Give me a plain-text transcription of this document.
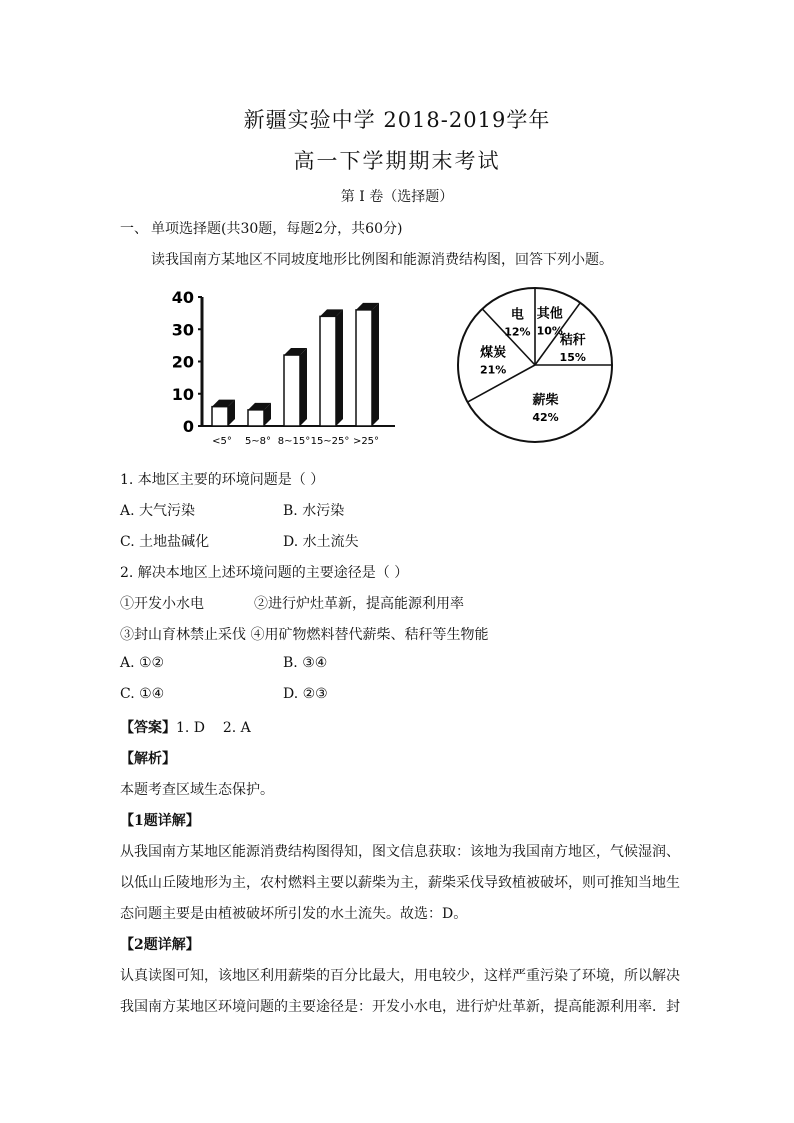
新疆实验中学 2018-2019学年
高一下学期期末考试
第 I 卷（选择题）
一、 单项选择题(共30题，每题2分，共60分)
读我国南方某地区不同坡度地形比例图和能源消费结构图，回答下列小题。
0
10
20
30
40
<5° 5~8° 8~15° 15~25° >25°
其他
10%
秸秆
15%
薪柴
42%
煤炭
21%
电
12%
1. 本地区主要的环境问题是（ ）
A. 大气污染	B. 水污染
C. 土地盐碱化	D. 水土流失
2. 解决本地区上述环境问题的主要途径是（ ）
①开发小水电	②进行炉灶革新，提高能源利用率
③封山育林禁止采伐 ④用矿物燃料替代薪柴、秸秆等生物能
A. ①②	B. ③④
C. ①④	D. ②③
【答案】1. D    2. A
【解析】
本题考查区域生态保护。
【1题详解】
从我国南方某地区能源消费结构图得知，图文信息获取：该地为我国南方地区，气候湿润、
以低山丘陵地形为主，农村燃料主要以薪柴为主，薪柴采伐导致植被破坏，则可推知当地生
态问题主要是由植被破坏所引发的水土流失。故选：D。
【2题详解】
认真读图可知，该地区利用薪柴的百分比最大，用电较少，这样严重污染了环境，所以解决
我国南方某地区环境问题的主要途径是：开发小水电，进行炉灶革新，提高能源利用率．封
